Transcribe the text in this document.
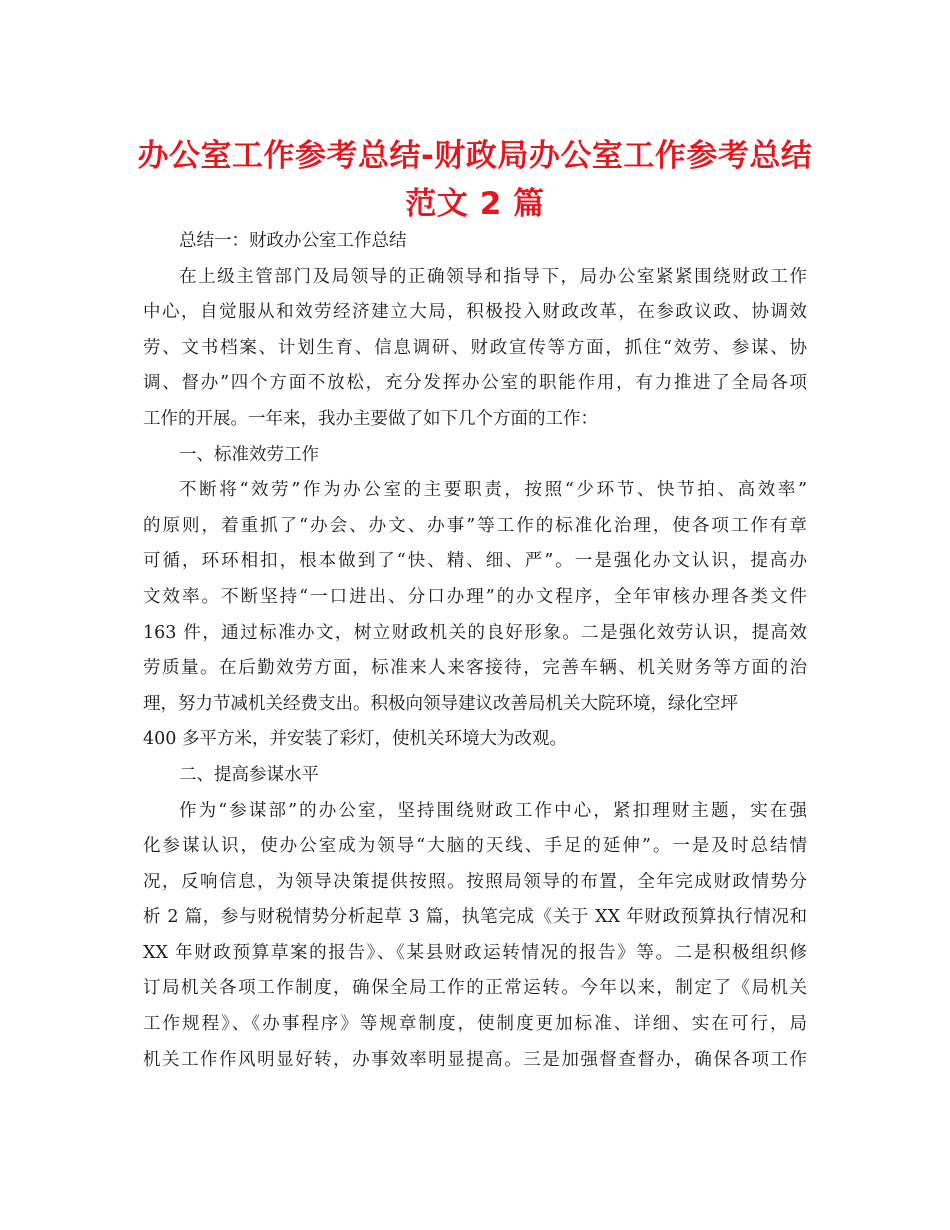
办公室工作参考总结-财政局办公室工作参考总结
范文 2 篇
总结一：财政办公室工作总结
在上级主管部门及局领导的正确领导和指导下，局办公室紧紧围绕财政工作
中心，自觉服从和效劳经济建立大局，积极投入财政改革，在参政议政、协调效
劳、文书档案、计划生育、信息调研、财政宣传等方面，抓住“效劳、参谋、协
调、督办”四个方面不放松，充分发挥办公室的职能作用，有力推进了全局各项
工作的开展。一年来，我办主要做了如下几个方面的工作：
一、标准效劳工作
不断将“效劳”作为办公室的主要职责，按照“少环节、快节拍、高效率”
的原则，着重抓了“办会、办文、办事”等工作的标准化治理，使各项工作有章
可循，环环相扣，根本做到了“快、精、细、严”。一是强化办文认识，提高办
文效率。不断坚持“一口进出、分口办理”的办文程序，全年审核办理各类文件
163 件，通过标准办文，树立财政机关的良好形象。二是强化效劳认识，提高效
劳质量。在后勤效劳方面，标准来人来客接待，完善车辆、机关财务等方面的治
理，努力节减机关经费支出。积极向领导建议改善局机关大院环境，绿化空坪
400 多平方米，并安装了彩灯，使机关环境大为改观。
二、提高参谋水平
作为“参谋部”的办公室，坚持围绕财政工作中心，紧扣理财主题，实在强
化参谋认识，使办公室成为领导“大脑的天线、手足的延伸”。一是及时总结情
况，反响信息，为领导决策提供按照。按照局领导的布置，全年完成财政情势分
析 2 篇，参与财税情势分析起草 3 篇，执笔完成《关于 XX 年财政预算执行情况和
XX 年财政预算草案的报告》、《某县财政运转情况的报告》等。二是积极组织修
订局机关各项工作制度，确保全局工作的正常运转。今年以来，制定了《局机关
工作规程》、《办事程序》等规章制度，使制度更加标准、详细、实在可行，局
机关工作作风明显好转，办事效率明显提高。三是加强督查督办，确保各项工作
